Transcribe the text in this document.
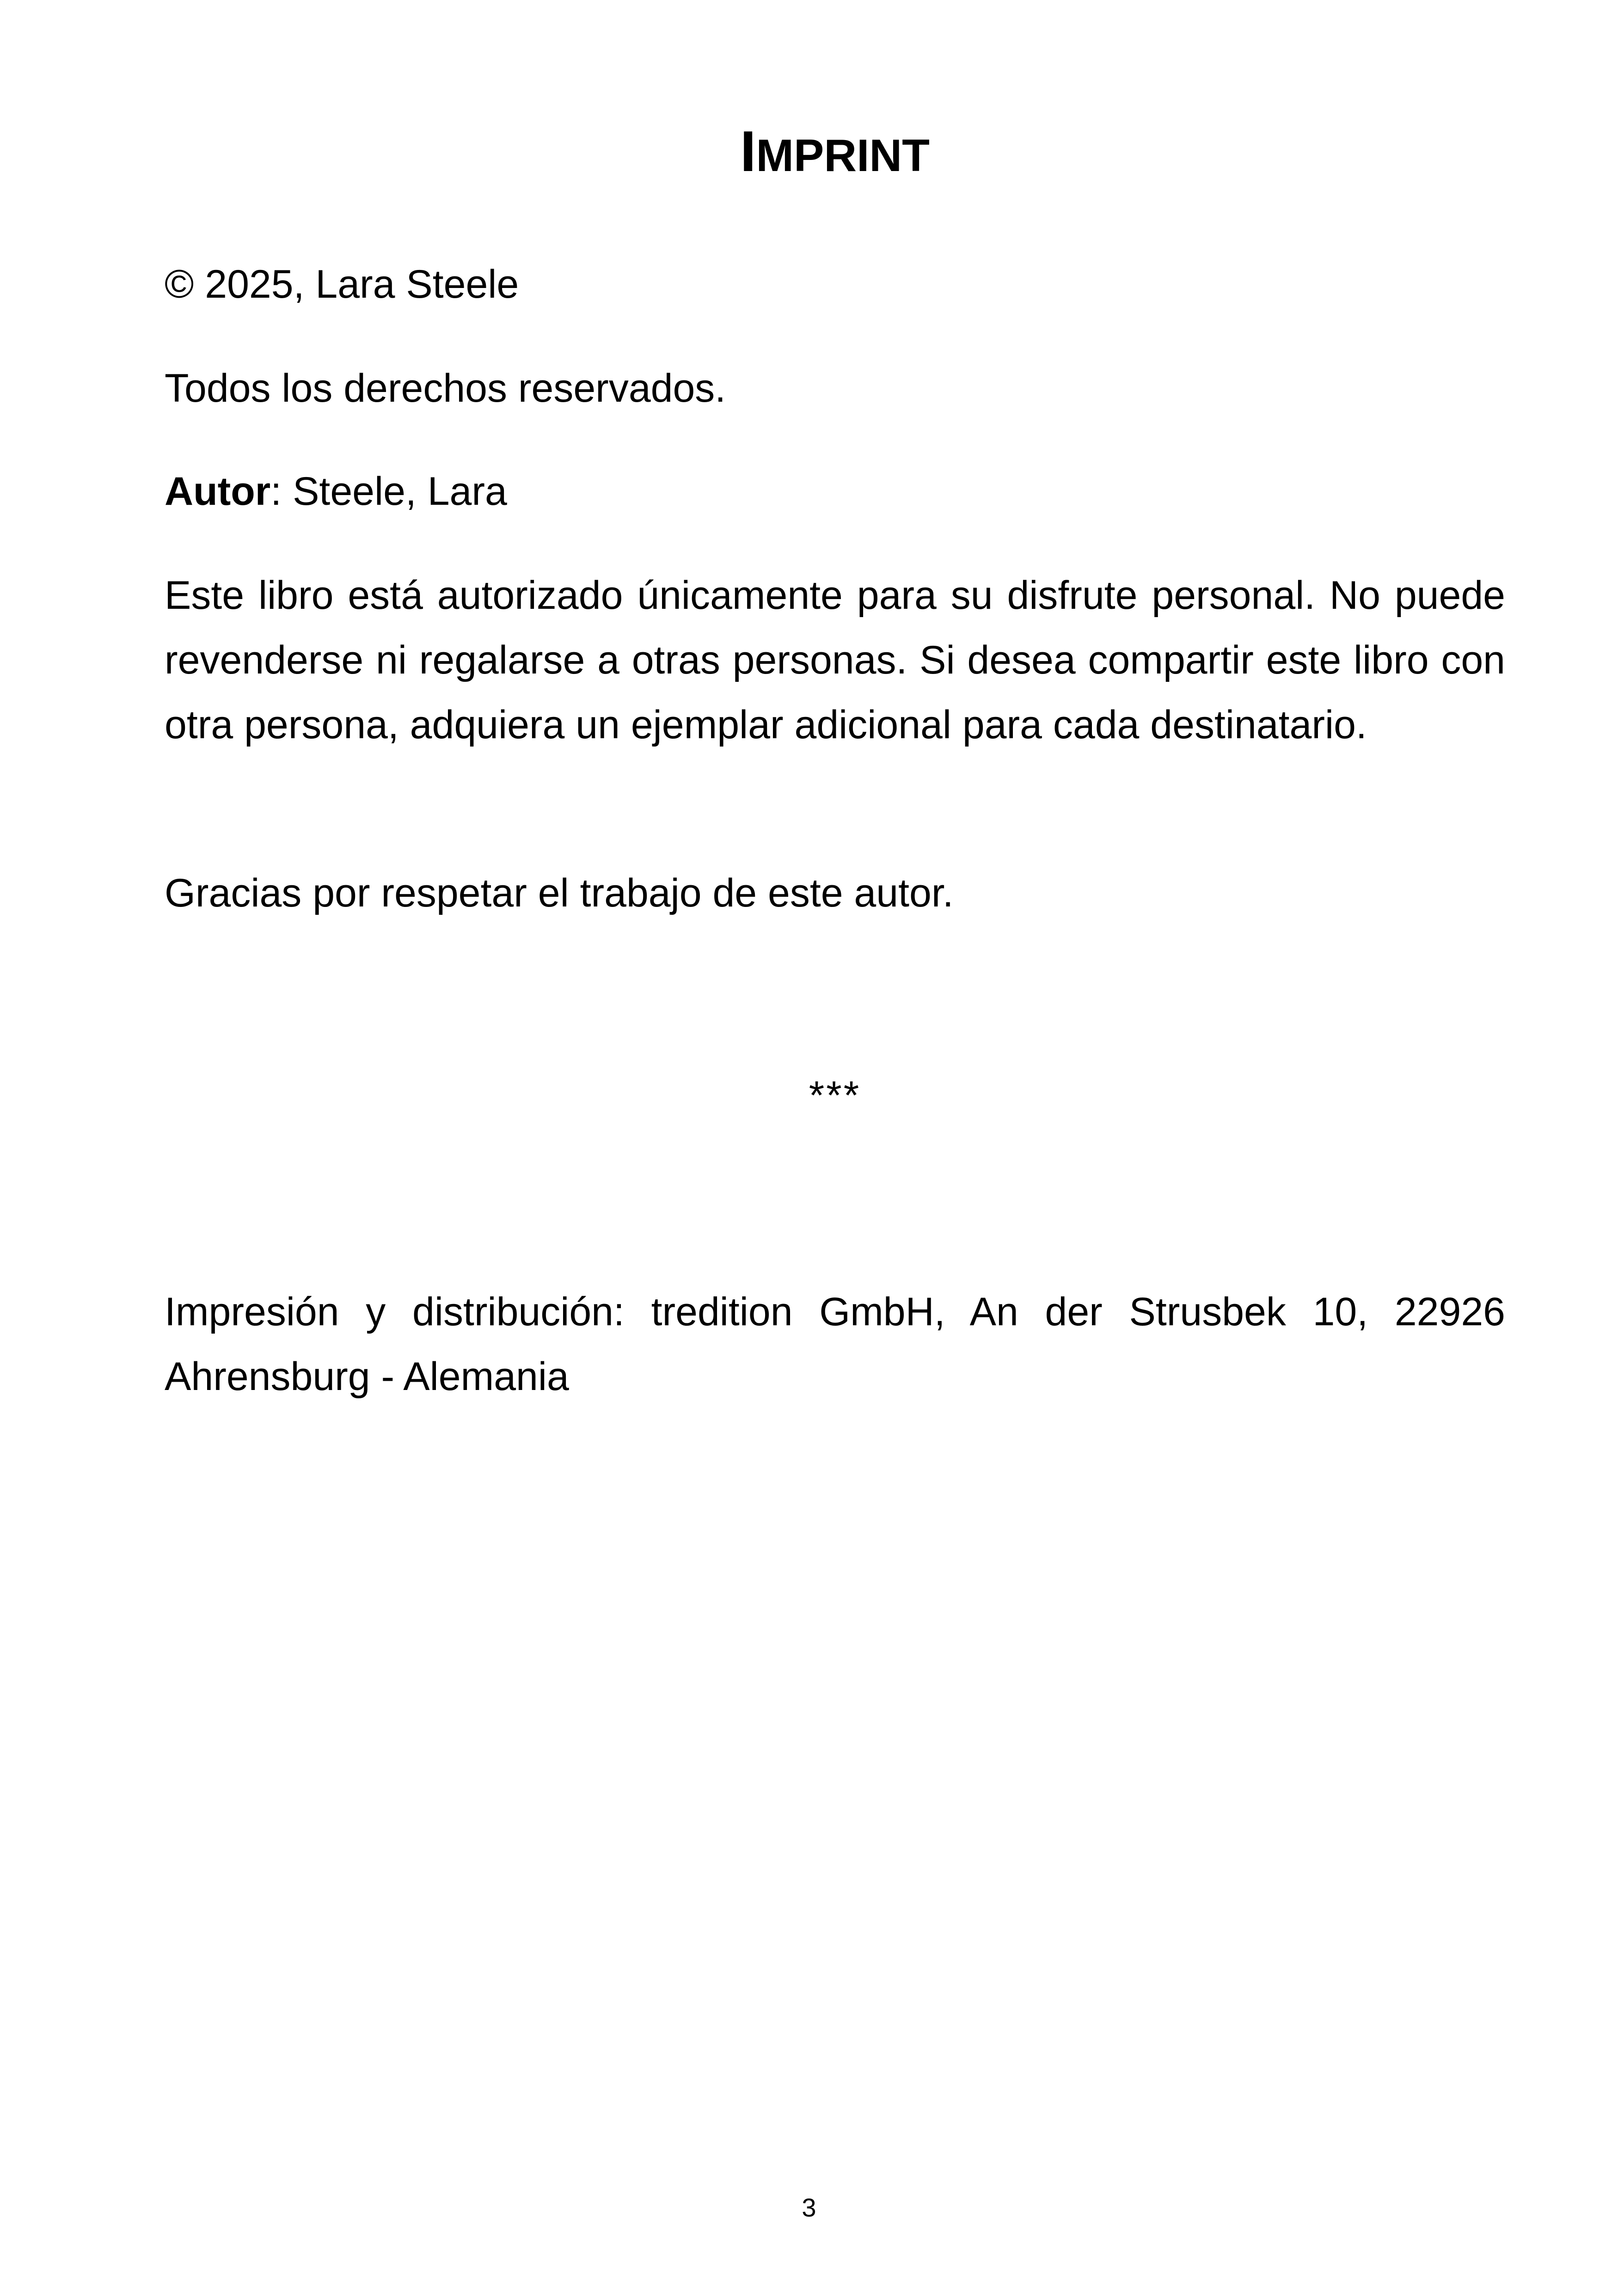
IMPRINT

© 2025, Lara Steele

Todos los derechos reservados.

Autor: Steele, Lara

Este libro está autorizado únicamente para su disfrute personal. No puede revenderse ni regalarse a otras personas. Si desea compartir este libro con otra persona, adquiera un ejemplar adicional para cada destinatario.

Gracias por respetar el trabajo de este autor.

***

Impresión y distribución: tredition GmbH, An der Strusbek 10, 22926 Ahrensburg - Alemania

3
